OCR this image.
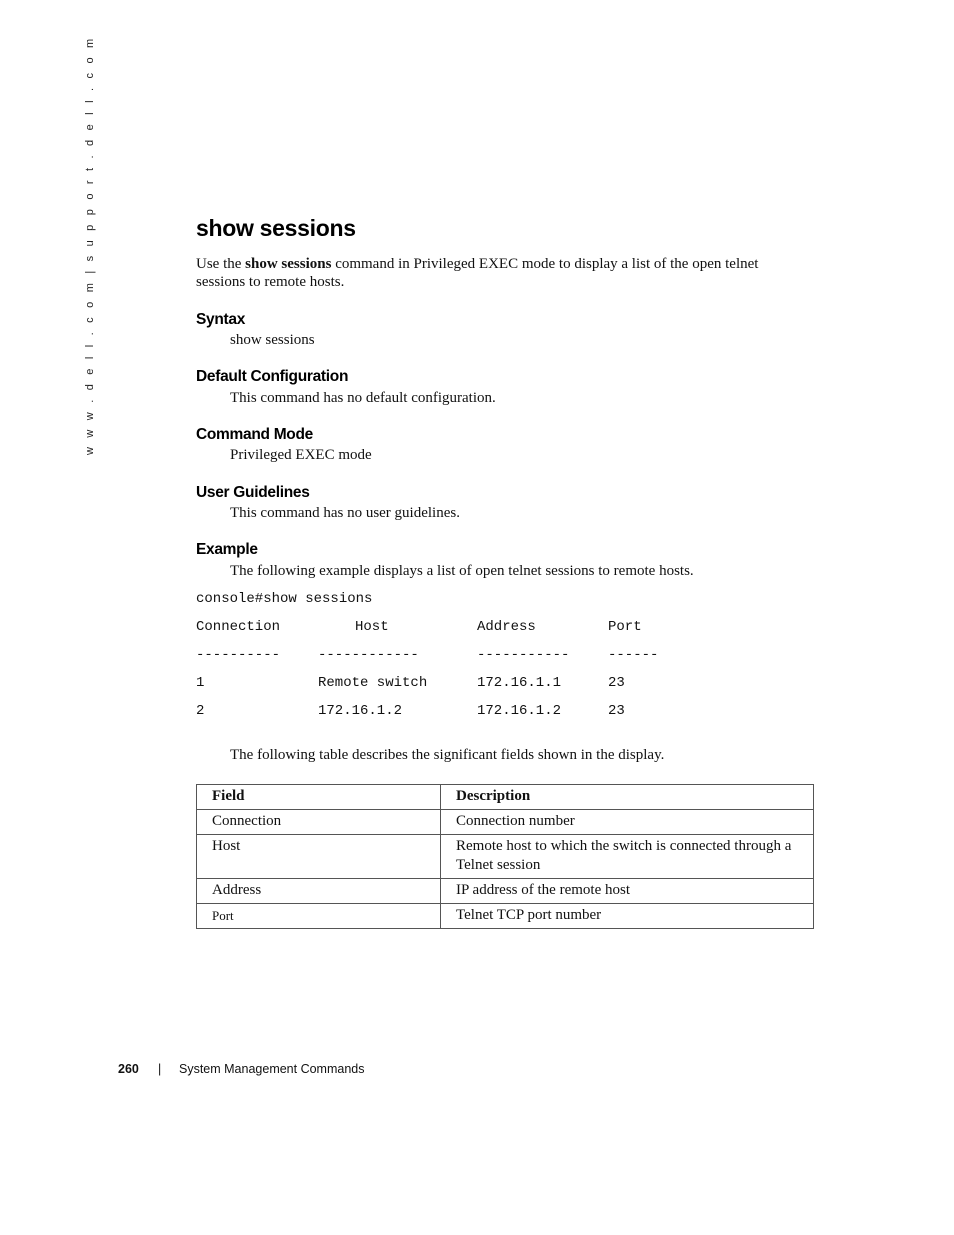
w w w . d e l l . c o m | s u p p o r t . d e l l . c o m	show sessions

Use the show sessions command in Privileged EXEC mode to display a list of the open telnet sessions to remote hosts.

Syntax

show sessions

Default Configuration

This command has no default configuration.

Command Mode

Privileged EXEC mode

User Guidelines

This command has no user guidelines.

Example

The following example displays a list of open telnet sessions to remote hosts.

console#show sessions
Connection	Host	Address	Port
----------	------------	-----------	------
1	Remote switch	172.16.1.1	23
2	172.16.1.2	172.16.1.2	23

The following table describes the significant fields shown in the display.

Field	Description
Connection	Connection number
Host	Remote host to which the switch is connected through a Telnet session
Address	IP address of the remote host
Port	Telnet TCP port number
260 | System Management Commands
